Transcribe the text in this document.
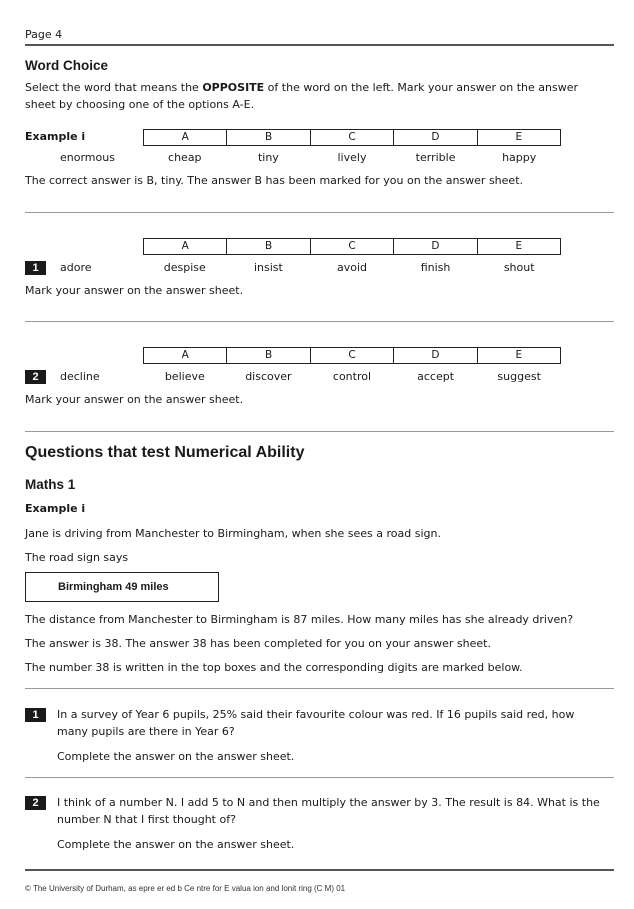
Page 4
Word Choice
Select the word that means the OPPOSITE of the word on the left. Mark your answer on the answer sheet by choosing one of the options A-E.
Example i	A	B	C	D	E
enormous	cheap	tiny	lively	terrible	happy
The correct answer is B, tiny. The answer B has been marked for you on the answer sheet.
A	B	C	D	E
1	adore	despise	insist	avoid	finish	shout
Mark your answer on the answer sheet.
A	B	C	D	E
2	decline	believe	discover	control	accept	suggest
Mark your answer on the answer sheet.
Questions that test Numerical Ability
Maths 1
Example i
Jane is driving from Manchester to Birmingham, when she sees a road sign.
The road sign says
Birmingham 49 miles
The distance from Manchester to Birmingham is 87 miles. How many miles has she already driven?
The answer is 38. The answer 38 has been completed for you on your answer sheet.
The number 38 is written in the top boxes and the corresponding digits are marked below.
1	In a survey of Year 6 pupils, 25% said their favourite colour was red. If 16 pupils said red, how many pupils are there in Year 6?
Complete the answer on the answer sheet.
2	I think of a number N. I add 5 to N and then multiply the answer by 3. The result is 84. What is the number N that I first thought of?
Complete the answer on the answer sheet.
© The University of Durham, as epre er ed b Ce ntre for E valua ion and lonit ring (C M) 01
